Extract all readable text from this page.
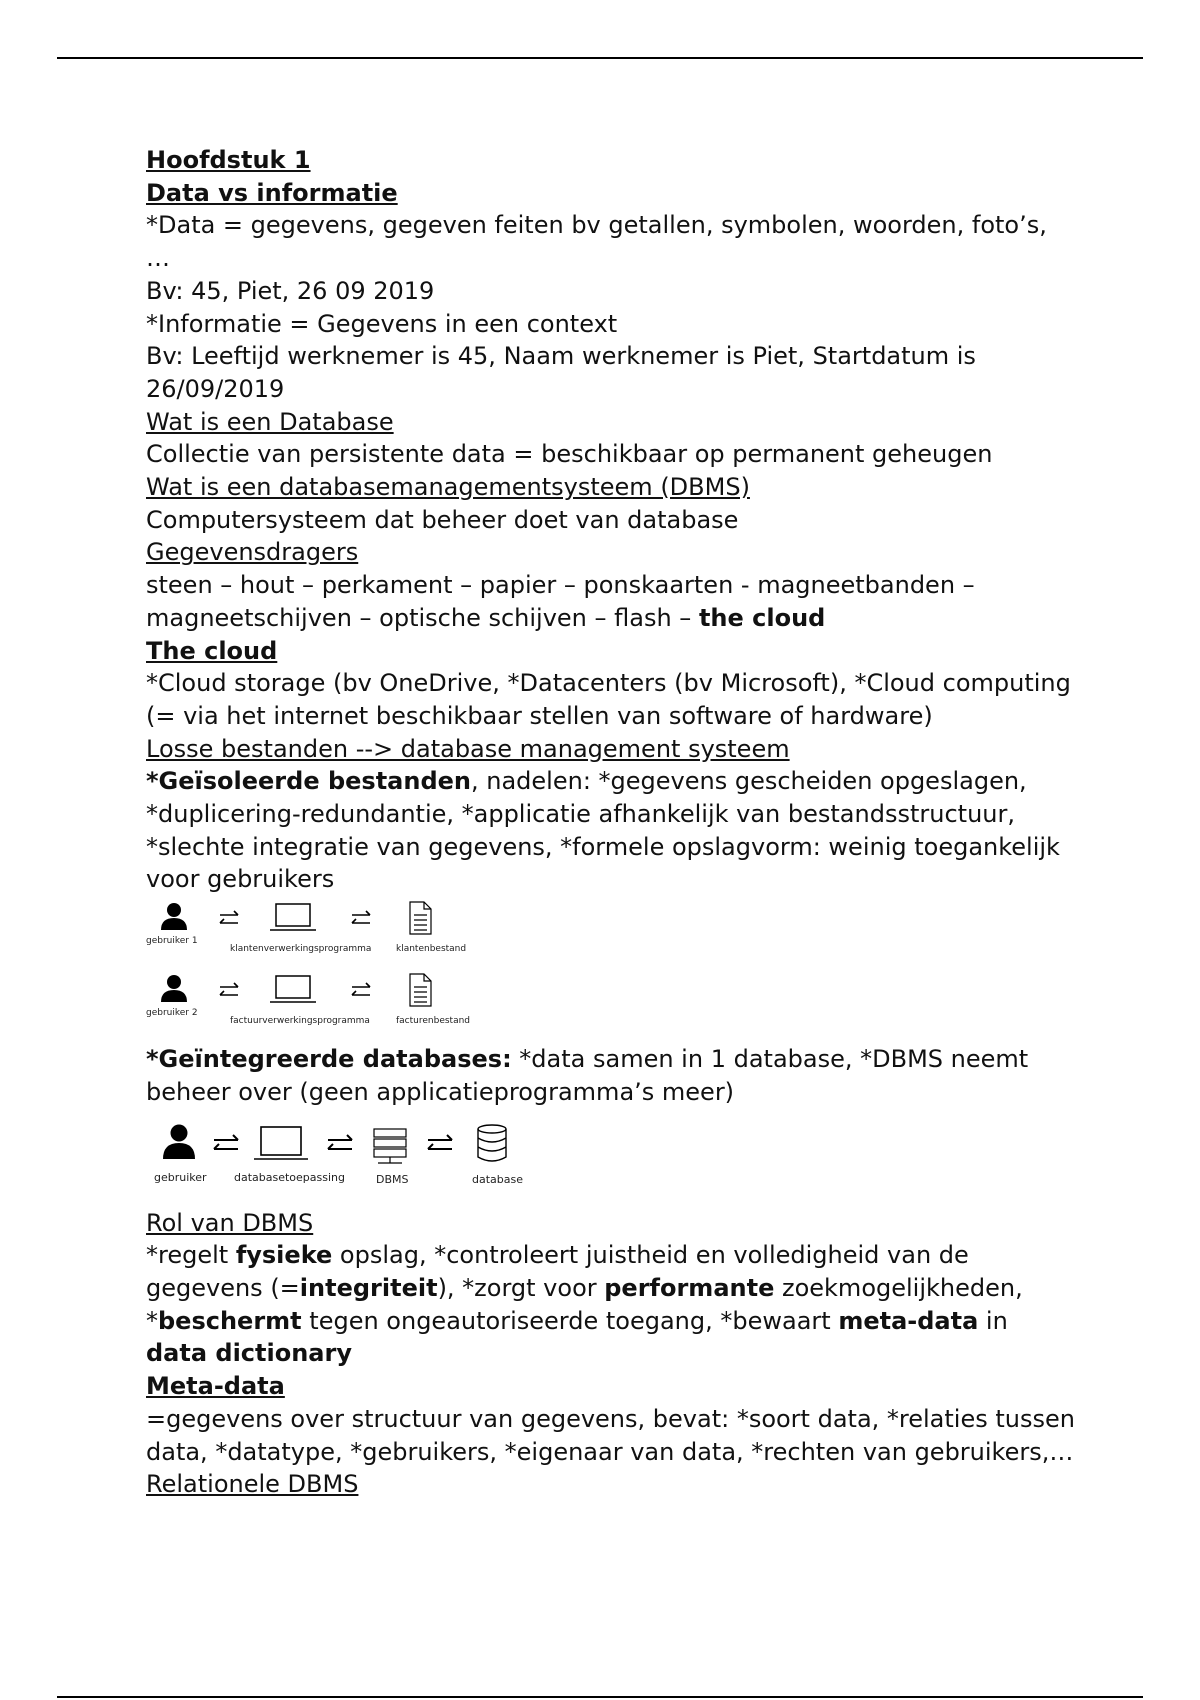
Hoofdstuk 1

Data vs informatie

*Data = gegevens, gegeven feiten bv getallen, symbolen, woorden, foto’s, …

Bv: 45, Piet, 26 09 2019

*Informatie = Gegevens in een context

Bv: Leeftijd werknemer is 45, Naam werknemer is Piet, Startdatum is 26/09/2019

Wat is een Database

Collectie van persistente data = beschikbaar op permanent geheugen

Wat is een databasemanagementsysteem (DBMS)

Computersysteem dat beheer doet van database

Gegevensdragers

steen – hout – perkament – papier – ponskaarten - magneetbanden – magneetschijven – optische schijven – flash – the cloud

The cloud

*Cloud storage (bv OneDrive, *Datacenters (bv Microsoft), *Cloud computing (= via het internet beschikbaar stellen van software of hardware)

Losse bestanden --> database management systeem

*Geïsoleerde bestanden, nadelen: *gegevens gescheiden opgeslagen, *duplicering-redundantie, *applicatie afhankelijk van bestandsstructuur, *slechte integratie van gegevens, *formele opslagvorm: weinig toegankelijk voor gebruikers

gebruiker 1
klantenverwerkingsprogramma	klantenbestand
gebruiker 2
factuurverwerkingsprogramma	facturenbestand

*Geïntegreerde databases: *data samen in 1 database, *DBMS neemt beheer over (geen applicatieprogramma’s meer)

gebruiker databasetoepassing	DBMS	database

Rol van DBMS

*regelt fysieke opslag, *controleert juistheid en volledigheid van de gegevens (=integriteit), *zorgt voor performante zoekmogelijkheden, *beschermt tegen ongeautoriseerde toegang, *bewaart meta-data in data dictionary

Meta-data

=gegevens over structuur van gegevens, bevat: *soort data, *relaties tussen data, *datatype, *gebruikers, *eigenaar van data, *rechten van gebruikers,…

Relationele DBMS
